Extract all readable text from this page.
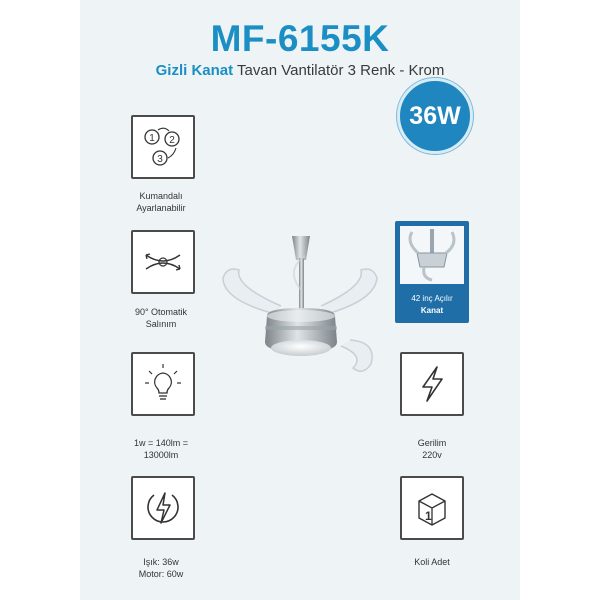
MF-6155K
Gizli Kanat Tavan Vantilatör 3 Renk - Krom
36W
1 2
3
Kumandalı
Ayarlanabilir
90° Otomatik
Salınım
1w = 140lm =
13000lm
Işık: 36w
Motor: 60w
42 inç Açılır
Kanat
Gerilim
220v
1
Koli Adet
